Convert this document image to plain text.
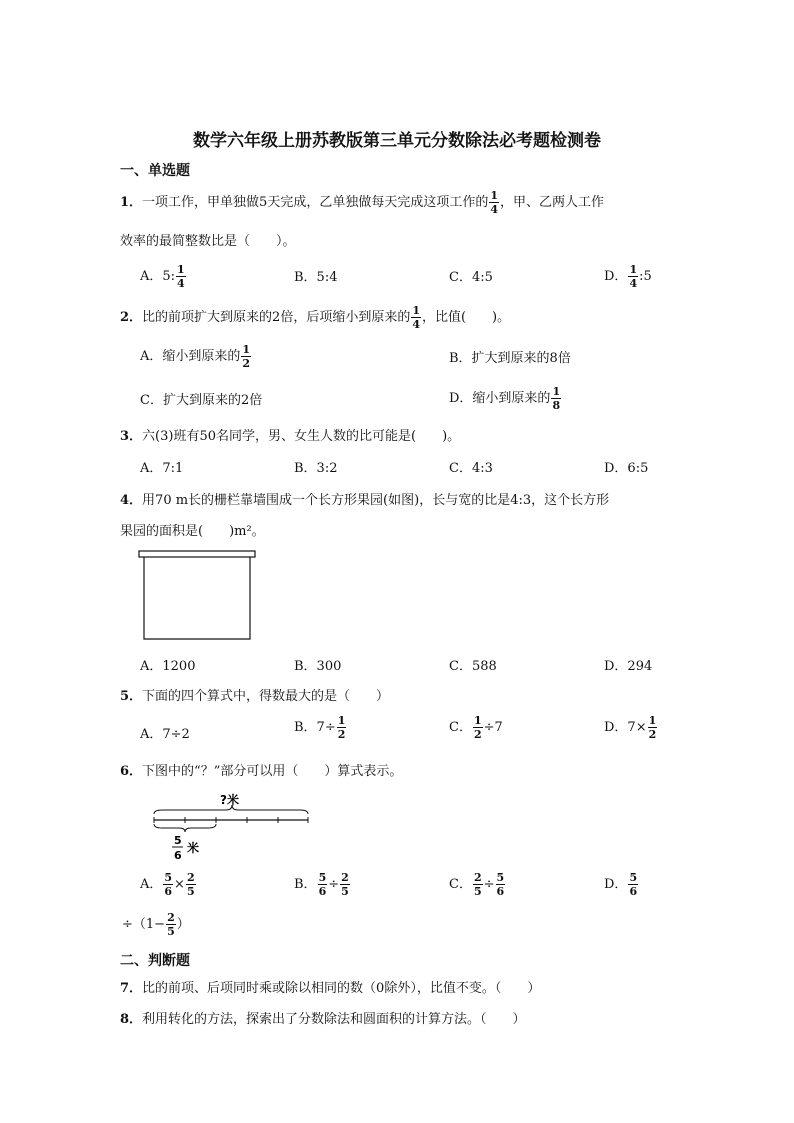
数学六年级上册苏教版第三单元分数除法必考题检测卷
一、单选题
1．一项工作，甲单独做5天完成，乙单独做每天完成这项工作的 $\frac{1}{4}$ ，甲、乙两人工作
效率的最简整数比是（　　）。
A．5: $\frac{1}{4}$	B．5:4	C．4:5	D． $\frac{1}{4}$ :5
2．比的前项扩大到原来的2倍，后项缩小到原来的 $\frac{1}{4}$ ，比值(　　)。
A．缩小到原来的 $\frac{1}{2}$	B．扩大到原来的8倍
C．扩大到原来的2倍	D．缩小到原来的 $\frac{1}{8}$
3．六(3)班有50名同学，男、女生人数的比可能是(　　)。
A．7:1	B．3:2	C．4:3	D．6:5
4．用70 m长的栅栏靠墙围成一个长方形果园(如图)，长与宽的比是4:3，这个长方形
果园的面积是(　　)m²。
A．1200	B．300	C．588	D．294
5．下面的四个算式中，得数最大的是（　　）
A．7÷2	B．$7\div \frac{1}{2}$	C． $\frac{1}{2} \div 7$	D．$7\times \frac{1}{2}$
6．下图中的“？”部分可以用（　　）算式表示。
?米
5
6
米
A． $\frac{5}{6} \times \frac{2}{5}$	B． $\frac{5}{6} \div \frac{2}{5}$	C． $\frac{2}{5} \div \frac{5}{6}$	D． $\frac{5}{6}$
$\div(1- \frac{2}{5}$ ）
二、判断题
7．比的前项、后项同时乘或除以相同的数（0除外），比值不变。（　　）
8．利用转化的方法，探索出了分数除法和圆面积的计算方法。（　　）
